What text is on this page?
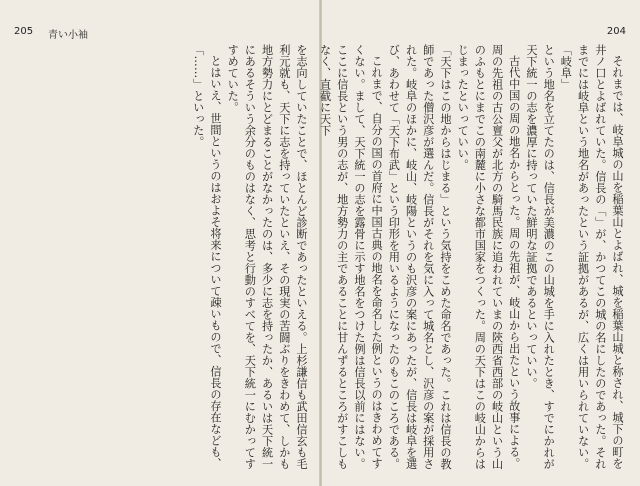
205 青い小袖

を志向していたことで、ほとんど診断であったといえる。上杉謙信も武田信玄も毛利元就も、天下に志を持っていたといえ、その現実の苦闘ぶりをきわめて、しかも地方勢力にとどまることがなかったのは、多少に志を持ったか、あるいは天下統一にあるそういう余分のものはなく、思考と行動のすべてを、天下統一にむかってすすめていた。

とはいえ、世間というのはおよそ将来について疎いもので、信長の存在なども、「……」といった。

204

それまでは、岐阜城の山を稲葉山とよばれ、城を稲葉山城と称され、城下の町を井ノ口とよばれていた。信長の「」が、かつてこの城の名にしたのであった。それまでには岐阜という地名があったという証拠があるが、広くは用いられていない。

「岐阜」

という地名を立てたのは、信長が美濃のこの山城を手に入れたとき、すでにかれが天下統一の志を濃厚に持っていた鮮明な証拠であるといっていい。

古代中国の周の地名からとった。周の先祖が、岐山から出たという故事による。周の先祖の古公亶父が北方の騎馬民族に追われていまの陝西省西部の岐山という山のふもとにまでこの南麓に小さな都市国家をつくった。周の天下はこの岐山からはじまったといっていい。

「天下はこの地からはじまる」という気持をこめた命名であった。これは信長の教師であった僧沢彦が選んだ。信長がそれを気に入って城名とし、沢彦の案が採用された。岐阜のほかに、岐山、岐陽というのも沢彦の案にあったが、信長は岐阜を選び、あわせて「天下布武」という印形を用いるようになったのもこのころである。

これまで、自分の国の首府に中国古典の地名を命名した例というのはきわめてすくない。まして、天下統一の志を露骨に示す地名をつけた例は信長以前にはない。ここに信長という男の志が、地方勢力の主であることに甘んずるところがすこしもなく、直截に天下
